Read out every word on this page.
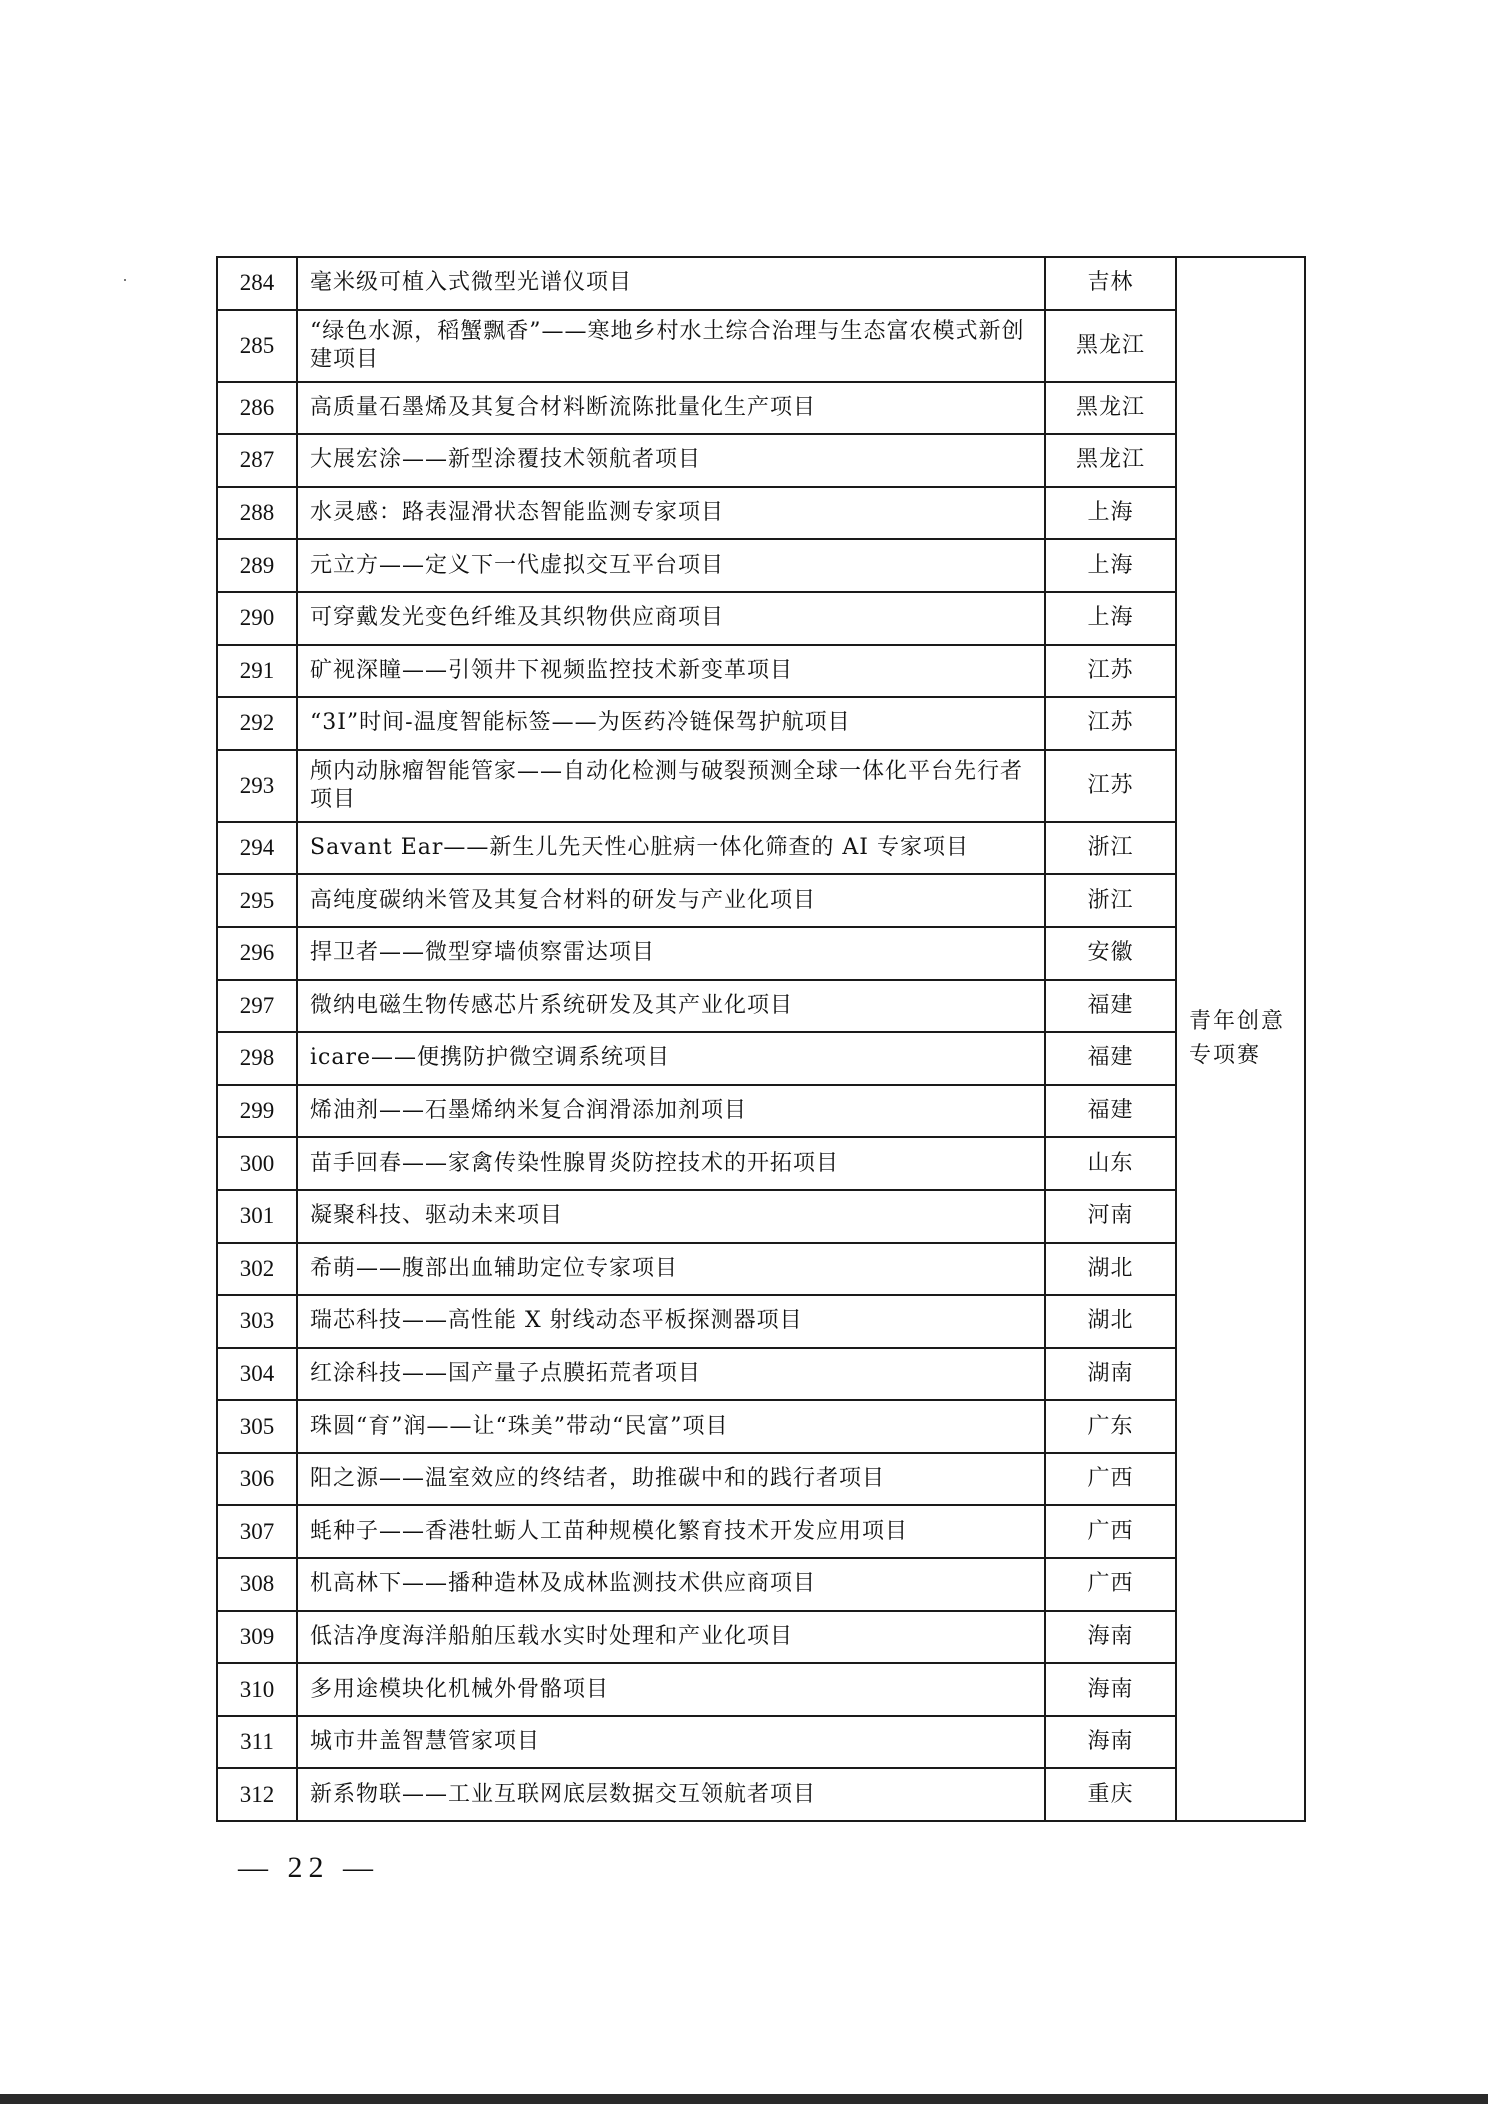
284	毫米级可植入式微型光谱仪项目	吉林	青年创意
专项赛

285	“绿色水源，稻蟹飘香”——寒地乡村水土综合治理与生态富农模式新创建项目	黑龙江	
286	高质量石墨烯及其复合材料断流陈批量化生产项目	黑龙江	
287	大展宏涂——新型涂覆技术领航者项目	黑龙江	
288	水灵感：路表湿滑状态智能监测专家项目	上海	
289	元立方——定义下一代虚拟交互平台项目	上海	
290	可穿戴发光变色纤维及其织物供应商项目	上海	
291	矿视深瞳——引领井下视频监控技术新变革项目	江苏	
292	“3I”时间-温度智能标签——为医药冷链保驾护航项目	江苏	
293	颅内动脉瘤智能管家——自动化检测与破裂预测全球一体化平台先行者项目	江苏	
294	Savant Ear——新生儿先天性心脏病一体化筛查的 AI 专家项目	浙江	
295	高纯度碳纳米管及其复合材料的研发与产业化项目	浙江	
296	捍卫者——微型穿墙侦察雷达项目	安徽	
297	微纳电磁生物传感芯片系统研发及其产业化项目	福建	
298	icare——便携防护微空调系统项目	福建	
299	烯油剂——石墨烯纳米复合润滑添加剂项目	福建	
300	苗手回春——家禽传染性腺胃炎防控技术的开拓项目	山东	
301	凝聚科技、驱动未来项目	河南	
302	希萌——腹部出血辅助定位专家项目	湖北	
303	瑞芯科技——高性能 X 射线动态平板探测器项目	湖北	
304	红涂科技——国产量子点膜拓荒者项目	湖南	
305	珠圆“育”润——让“珠美”带动“民富”项目	广东	
306	阳之源——温室效应的终结者，助推碳中和的践行者项目	广西	
307	蚝种子——香港牡蛎人工苗种规模化繁育技术开发应用项目	广西	
308	机高林下——播种造林及成林监测技术供应商项目	广西	
309	低洁净度海洋船舶压载水实时处理和产业化项目	海南	
310	多用途模块化机械外骨骼项目	海南	
311	城市井盖智慧管家项目	海南	
312	新系物联——工业互联网底层数据交互领航者项目	重庆	
— 22 —
